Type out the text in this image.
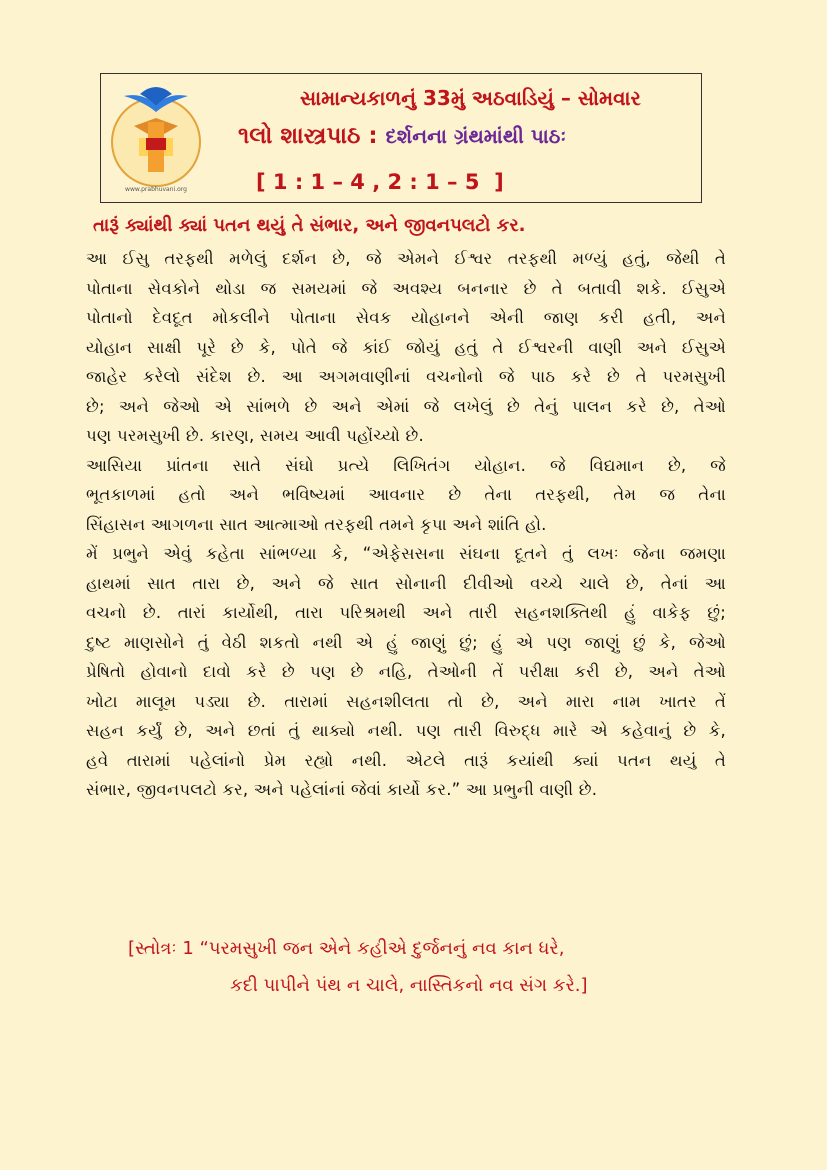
www.prabhuvani.org
સામાન્યકાળનું 33મું અઠવાડિયું – સોમવાર
૧લો શાસ્ત્રપાઠ : દર્શનના ગ્રંથમાંથી પાઠઃ
[ 1 : 1 – 4 , 2 : 1 – 5  ]
તારૂં ક્યાંથી ક્યાં પતન થયું તે સંભાર, અને જીવનપલટો કર.
આ ઈસુ તરફથી મળેલું દર્શન છે, જે એમને ઈશ્વર તરફથી મળ્યું હતું, જેથી તે
પોતાના સેવકોને થોડા જ સમયમાં જે અવશ્ય બનનાર છે તે બતાવી શકે. ઈસુએ
પોતાનો દેવદૂત મોકલીને પોતાના સેવક યોહાનને એની જાણ કરી હતી, અને
યોહાન સાક્ષી પૂરે છે કે, પોતે જે કાંઈ જોયું હતું તે ઈશ્વરની વાણી અને ઈસુએ
જાહેર કરેલો સંદેશ છે. આ અગમવાણીનાં વચનોનો જે પાઠ કરે છે તે પરમસુખી
છે; અને જેઓ એ સાંભળે છે અને એમાં જે લખેલું છે તેનું પાલન કરે છે, તેઓ
પણ પરમસુખી છે. કારણ, સમય આવી પહોંચ્યો છે.
આસિયા પ્રાંતના સાતે સંઘો પ્રત્યે લિખિતંગ યોહાન. જે વિદ્યમાન છે, જે
ભૂતકાળમાં હતો અને ભવિષ્યમાં આવનાર છે તેના તરફથી, તેમ જ તેના
સિંહાસન આગળના સાત આત્માઓ તરફથી તમને કૃપા અને શાંતિ હો.
મેં પ્રભુને એવું કહેતા સાંભળ્યા કે, “એફેસસના સંઘના દૂતને તું લખઃ જેના જમણા
હાથમાં સાત તારા છે, અને જે સાત સોનાની દીવીઓ વચ્ચે ચાલે છે, તેનાં આ
વચનો છે. તારાં કાર્યોથી, તારા પરિશ્રમથી અને તારી સહનશક્તિથી હું વાકેફ છું;
દુષ્ટ માણસોને તું વેઠી શકતો નથી એ હું જાણું છું; હું એ પણ જાણું છું કે, જેઓ
પ્રેષિતો હોવાનો દાવો કરે છે પણ છે નહિ, તેઓની તેં પરીક્ષા કરી છે, અને તેઓ
ખોટા માલૂમ પડ્યા છે. તારામાં સહનશીલતા તો છે, અને મારા નામ ખાતર તેં
સહન કર્યું છે, અને છતાં તું થાક્યો નથી. પણ તારી વિરુદ્ધ મારે એ કહેવાનું છે કે,
હવે તારામાં પહેલાંનો પ્રેમ રહ્યો નથી. એટલે તારૂં કયાંથી ક્યાં પતન થયું તે
સંભાર, જીવનપલટો કર, અને પહેલાંનાં જેવાં કાર્યો કર.” આ પ્રભુની વાણી છે.
[સ્તોત્રઃ 1 “પરમસુખી જન એને કહીએ દુર્જનનું નવ કાન ધરે,
કદી પાપીને પંથ ન ચાલે, નાસ્તિકનો નવ સંગ કરે.]
